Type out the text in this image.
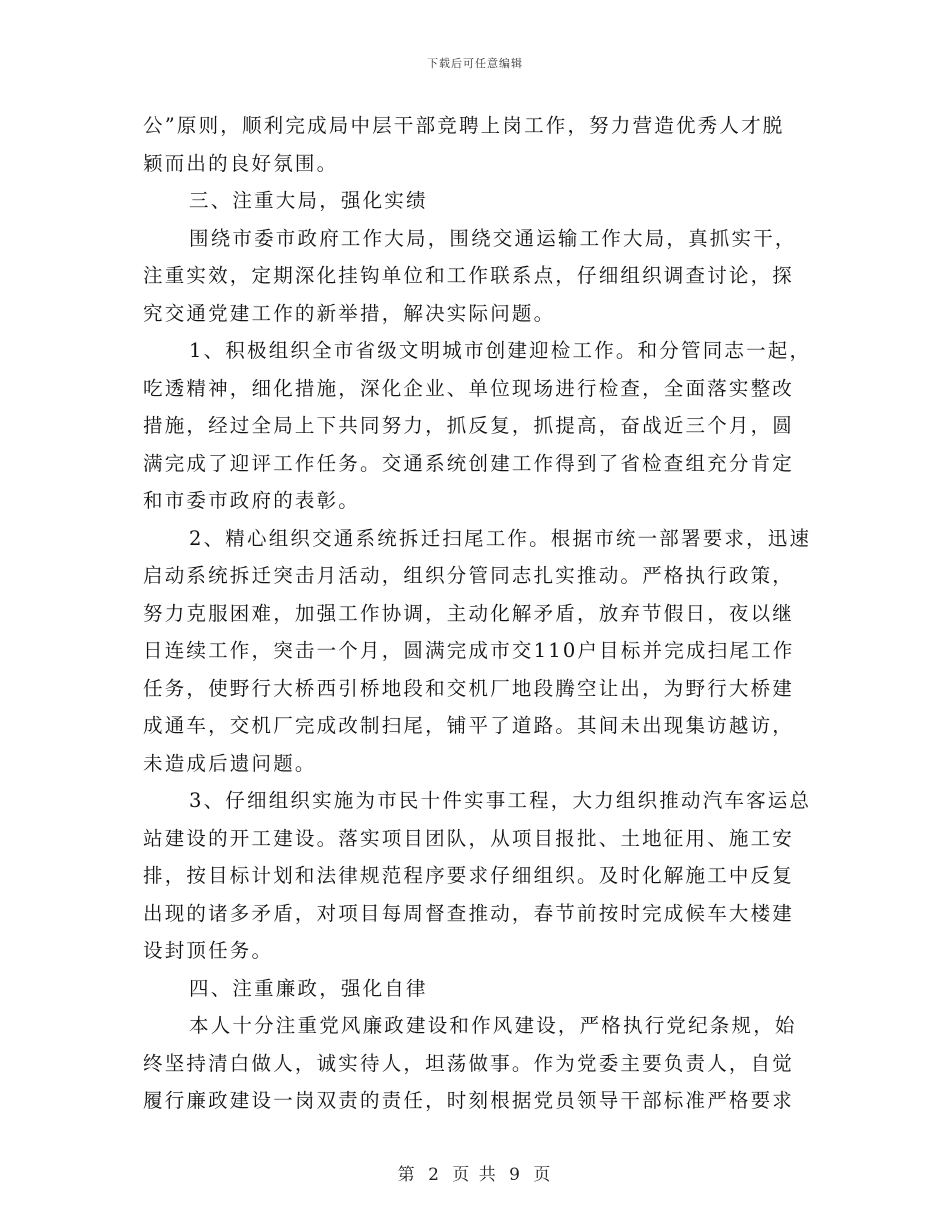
下载后可任意编辑
公”原则，顺利完成局中层干部竞聘上岗工作，努力营造优秀人才脱
颖而出的良好氛围。
三、注重大局，强化实绩
围绕市委市政府工作大局，围绕交通运输工作大局，真抓实干，
注重实效，定期深化挂钩单位和工作联系点，仔细组织调查讨论，探
究交通党建工作的新举措，解决实际问题。
1、积极组织全市省级文明城市创建迎检工作。和分管同志一起，
吃透精神，细化措施，深化企业、单位现场进行检查，全面落实整改
措施，经过全局上下共同努力，抓反复，抓提高，奋战近三个月，圆
满完成了迎评工作任务。交通系统创建工作得到了省检查组充分肯定
和市委市政府的表彰。
2、精心组织交通系统拆迁扫尾工作。根据市统一部署要求，迅速
启动系统拆迁突击月活动，组织分管同志扎实推动。严格执行政策，
努力克服困难，加强工作协调，主动化解矛盾，放弃节假日，夜以继
日连续工作，突击一个月，圆满完成市交110户目标并完成扫尾工作
任务，使野行大桥西引桥地段和交机厂地段腾空让出，为野行大桥建
成通车，交机厂完成改制扫尾，铺平了道路。其间未出现集访越访，
未造成后遗问题。
3、仔细组织实施为市民十件实事工程，大力组织推动汽车客运总
站建设的开工建设。落实项目团队，从项目报批、土地征用、施工安
排，按目标计划和法律规范程序要求仔细组织。及时化解施工中反复
出现的诸多矛盾，对项目每周督查推动，春节前按时完成候车大楼建
设封顶任务。
四、注重廉政，强化自律
本人十分注重党风廉政建设和作风建设，严格执行党纪条规，始
终坚持清白做人，诚实待人，坦荡做事。作为党委主要负责人，自觉
履行廉政建设一岗双责的责任，时刻根据党员领导干部标准严格要求
第 2 页 共 9 页
